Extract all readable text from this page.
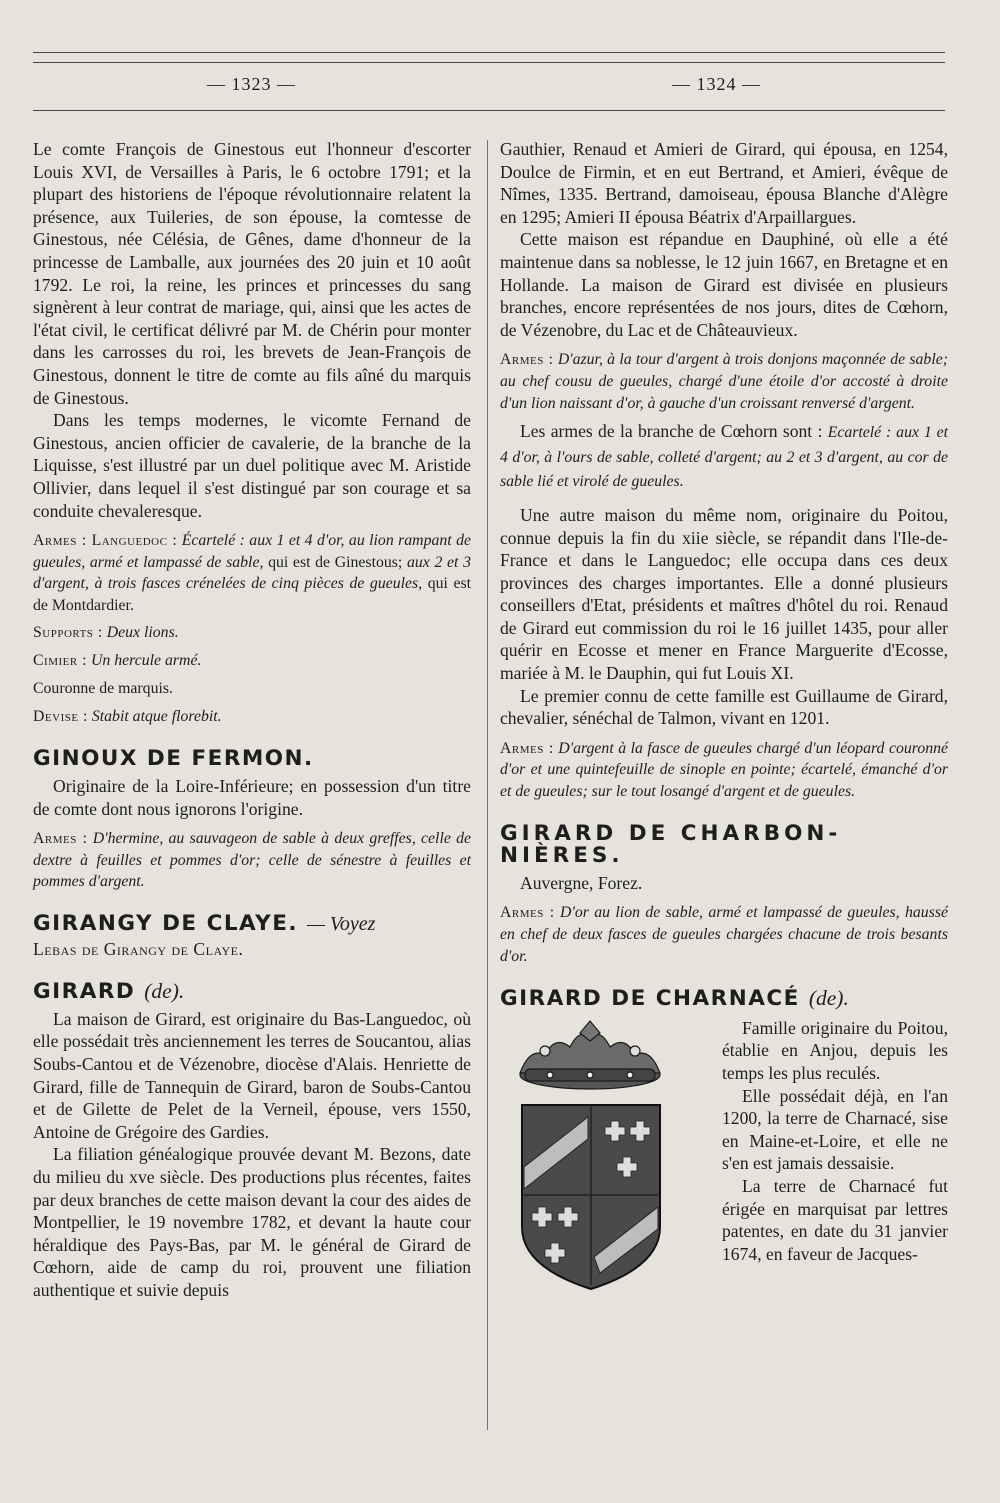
— 1323 —	— 1324 —

Le comte François de Ginestous eut l'honneur d'escorter Louis XVI, de Versailles à Paris, le 6 octobre 1791; et la plupart des historiens de l'époque révolutionnaire relatent la présence, aux Tuileries, de son épouse, la comtesse de Ginestous, née Célésia, de Gênes, dame d'honneur de la princesse de Lamballe, aux journées des 20 juin et 10 août 1792. Le roi, la reine, les princes et princesses du sang signèrent à leur contrat de mariage, qui, ainsi que les actes de l'état civil, le certificat délivré par M. de Chérin pour monter dans les carrosses du roi, les brevets de Jean-François de Ginestous, donnent le titre de comte au fils aîné du marquis de Ginestous.

Dans les temps modernes, le vicomte Fernand de Ginestous, ancien officier de cavalerie, de la branche de la Liquisse, s'est illustré par un duel politique avec M. Aristide Ollivier, dans lequel il s'est distingué par son courage et sa conduite chevaleresque.

Armes : Languedoc : Écartelé : aux 1 et 4 d'or, au lion rampant de gueules, armé et lampassé de sable, qui est de Ginestous; aux 2 et 3 d'argent, à trois fasces crénelées de cinq pièces de gueules, qui est de Montdardier.

Supports : Deux lions.

Cimier : Un hercule armé.

Couronne de marquis.

Devise : Stabit atque florebit.

GINOUX DE FERMON.

Originaire de la Loire-Inférieure; en possession d'un titre de comte dont nous ignorons l'origine.

Armes : D'hermine, au sauvageon de sable à deux greffes, celle de dextre à feuilles et pommes d'or; celle de sénestre à feuilles et pommes d'argent.

GIRANGY DE CLAYE. — Voyez

Lebas de Girangy de Claye.

GIRARD (de).

La maison de Girard, est originaire du Bas-Languedoc, où elle possédait très anciennement les terres de Soucantou, alias Soubs-Cantou et de Vézenobre, diocèse d'Alais. Henriette de Girard, fille de Tannequin de Girard, baron de Soubs-Cantou et de Gilette de Pelet de la Verneil, épouse, vers 1550, Antoine de Grégoire des Gardies.

La filiation généalogique prouvée devant M. Bezons, date du milieu du xve siècle. Des productions plus récentes, faites par deux branches de cette maison devant la cour des aides de Montpellier, le 19 novembre 1782, et devant la haute cour héraldique des Pays-Bas, par M. le général de Girard de Cœhorn, aide de camp du roi, prouvent une filiation authentique et suivie depuis

Gauthier, Renaud et Amieri de Girard, qui épousa, en 1254, Doulce de Firmin, et en eut Bertrand, et Amieri, évêque de Nîmes, 1335. Bertrand, damoiseau, épousa Blanche d'Alègre en 1295; Amieri II épousa Béatrix d'Arpaillargues.

Cette maison est répandue en Dauphiné, où elle a été maintenue dans sa noblesse, le 12 juin 1667, en Bretagne et en Hollande. La maison de Girard est divisée en plusieurs branches, encore représentées de nos jours, dites de Cœhorn, de Vézenobre, du Lac et de Châteauvieux.

Armes : D'azur, à la tour d'argent à trois donjons maçonnée de sable; au chef cousu de gueules, chargé d'une étoile d'or accosté à droite d'un lion naissant d'or, à gauche d'un croissant renversé d'argent.

Les armes de la branche de Cœhorn sont : Ecartelé : aux 1 et 4 d'or, à l'ours de sable, colleté d'argent; au 2 et 3 d'argent, au cor de sable lié et virolé de gueules.

Une autre maison du même nom, originaire du Poitou, connue depuis la fin du xiie siècle, se répandit dans l'Ile-de-France et dans le Languedoc; elle occupa dans ces deux provinces des charges importantes. Elle a donné plusieurs conseillers d'Etat, présidents et maîtres d'hôtel du roi. Renaud de Girard eut commission du roi le 16 juillet 1435, pour aller quérir en Ecosse et mener en France Marguerite d'Ecosse, mariée à M. le Dauphin, qui fut Louis XI.

Le premier connu de cette famille est Guillaume de Girard, chevalier, sénéchal de Talmon, vivant en 1201.

Armes : D'argent à la fasce de gueules chargé d'un léopard couronné d'or et une quintefeuille de sinople en pointe; écartelé, émanché d'or et de gueules; sur le tout losangé d'argent et de gueules.

GIRARD DE CHARBON-NIÈRES.

Auvergne, Forez.

Armes : D'or au lion de sable, armé et lampassé de gueules, haussé en chef de deux fasces de gueules chargées chacune de trois besants d'or.

GIRARD DE CHARNACÉ (de).

Famille originaire du Poitou, établie en Anjou, depuis les temps les plus reculés.

Elle possédait déjà, en l'an 1200, la terre de Charnacé, sise en Maine-et-Loire, et elle ne s'en est jamais dessaisie.

La terre de Charnacé fut érigée en marquisat par lettres patentes, en date du 31 janvier 1674, en faveur de Jacques-
